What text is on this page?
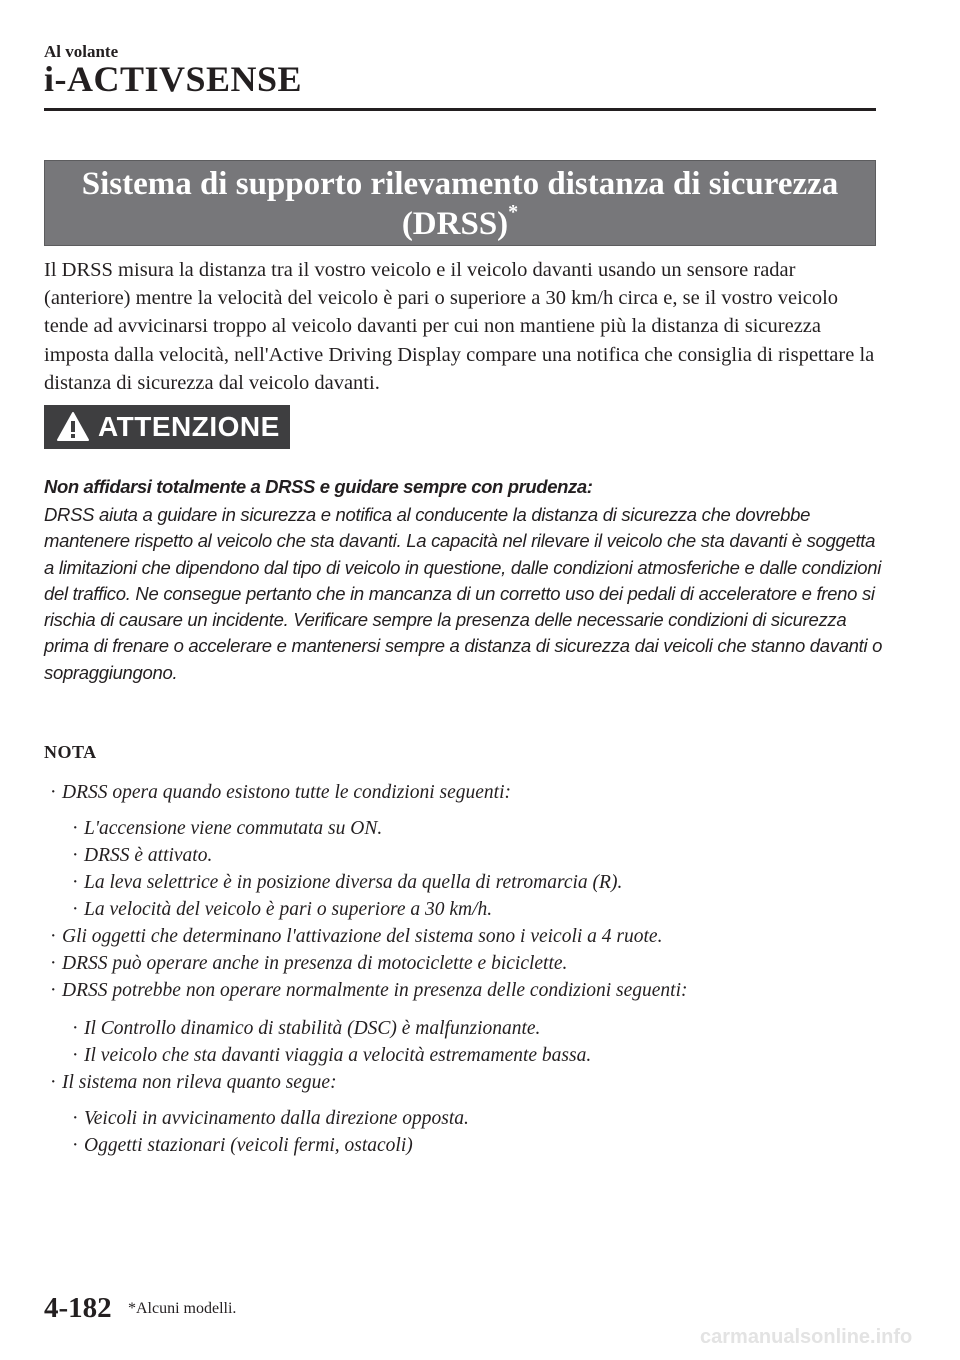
Al volante
i-ACTIVSENSE
Sistema di supporto rilevamento distanza di sicurezza
(DRSS)*
Il DRSS misura la distanza tra il vostro veicolo e il veicolo davanti usando un sensore radar (anteriore) mentre la velocità del veicolo è pari o superiore a 30 km/h circa e, se il vostro veicolo tende ad avvicinarsi troppo al veicolo davanti per cui non mantiene più la distanza di sicurezza imposta dalla velocità, nell'Active Driving Display compare una notifica che consiglia di rispettare la distanza di sicurezza dal veicolo davanti.
ATTENZIONE
Non affidarsi totalmente a DRSS e guidare sempre con prudenza:
DRSS aiuta a guidare in sicurezza e notifica al conducente la distanza di sicurezza che dovrebbe mantenere rispetto al veicolo che sta davanti. La capacità nel rilevare il veicolo che sta davanti è soggetta a limitazioni che dipendono dal tipo di veicolo in questione, dalle condizioni atmosferiche e dalle condizioni del traffico. Ne consegue pertanto che in mancanza di un corretto uso dei pedali di acceleratore e freno si rischia di causare un incidente. Verificare sempre la presenza delle necessarie condizioni di sicurezza prima di frenare o accelerare e mantenersi sempre a distanza di sicurezza dai veicoli che stanno davanti o sopraggiungono.
NOTA
· DRSS opera quando esistono tutte le condizioni seguenti:
· L'accensione viene commutata su ON.
· DRSS è attivato.
· La leva selettrice è in posizione diversa da quella di retromarcia (R).
· La velocità del veicolo è pari o superiore a 30 km/h.
· Gli oggetti che determinano l'attivazione del sistema sono i veicoli a 4 ruote.
· DRSS può operare anche in presenza di motociclette e biciclette.
· DRSS potrebbe non operare normalmente in presenza delle condizioni seguenti:
· Il Controllo dinamico di stabilità (DSC) è malfunzionante.
· Il veicolo che sta davanti viaggia a velocità estremamente bassa.
· Il sistema non rileva quanto segue:
· Veicoli in avvicinamento dalla direzione opposta.
· Oggetti stazionari (veicoli fermi, ostacoli)
4-182 *Alcuni modelli.
carmanualsonline.info
